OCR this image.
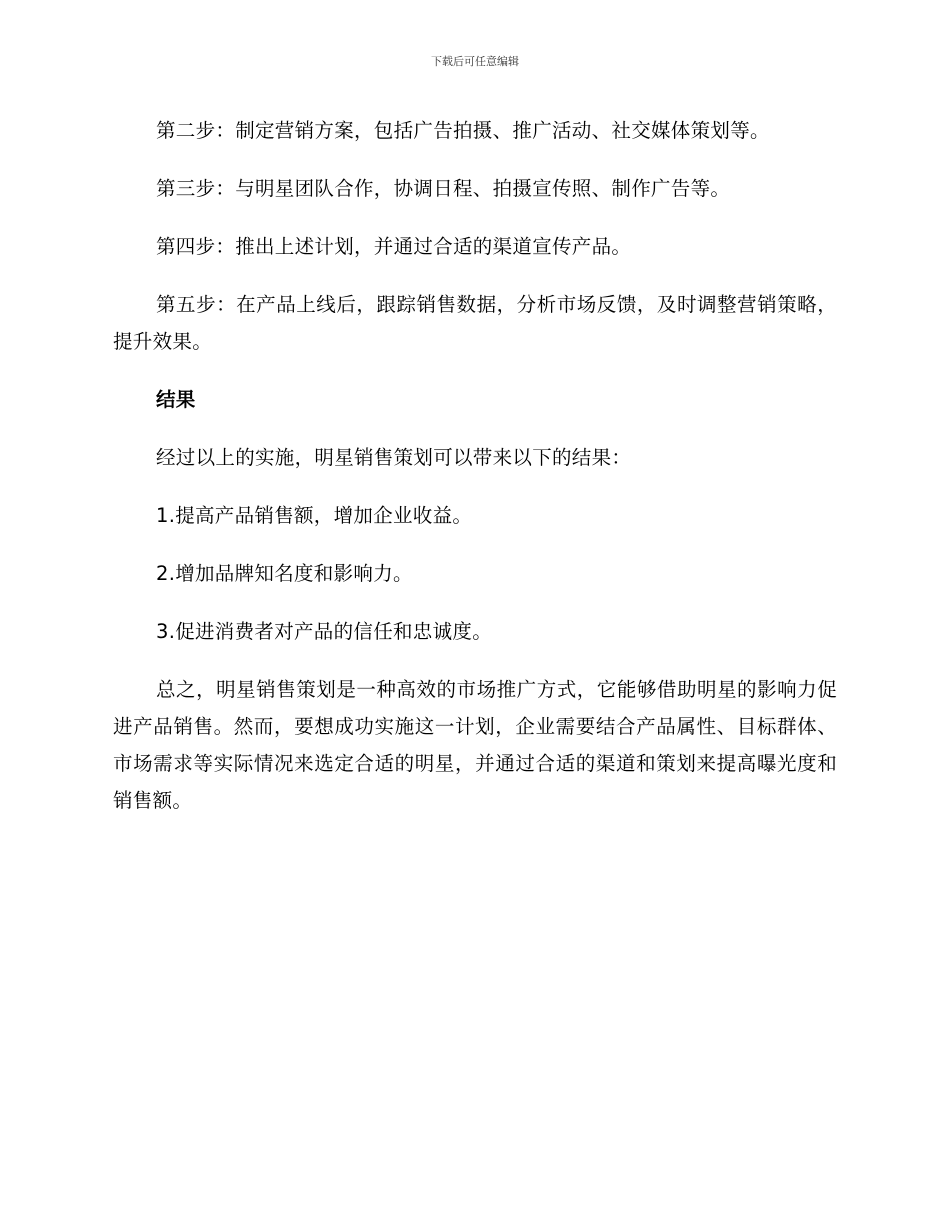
下载后可任意编辑

第二步：制定营销方案，包括广告拍摄、推广活动、社交媒体策划等。

第三步：与明星团队合作，协调日程、拍摄宣传照、制作广告等。

第四步：推出上述计划，并通过合适的渠道宣传产品。

第五步：在产品上线后，跟踪销售数据，分析市场反馈，及时调整营销策略，提升效果。

结果

经过以上的实施，明星销售策划可以带来以下的结果：

1.提高产品销售额，增加企业收益。

2.增加品牌知名度和影响力。

3.促进消费者对产品的信任和忠诚度。

总之，明星销售策划是一种高效的市场推广方式，它能够借助明星的影响力促进产品销售。然而，要想成功实施这一计划，企业需要结合产品属性、目标群体、市场需求等实际情况来选定合适的明星，并通过合适的渠道和策划来提高曝光度和销售额。
